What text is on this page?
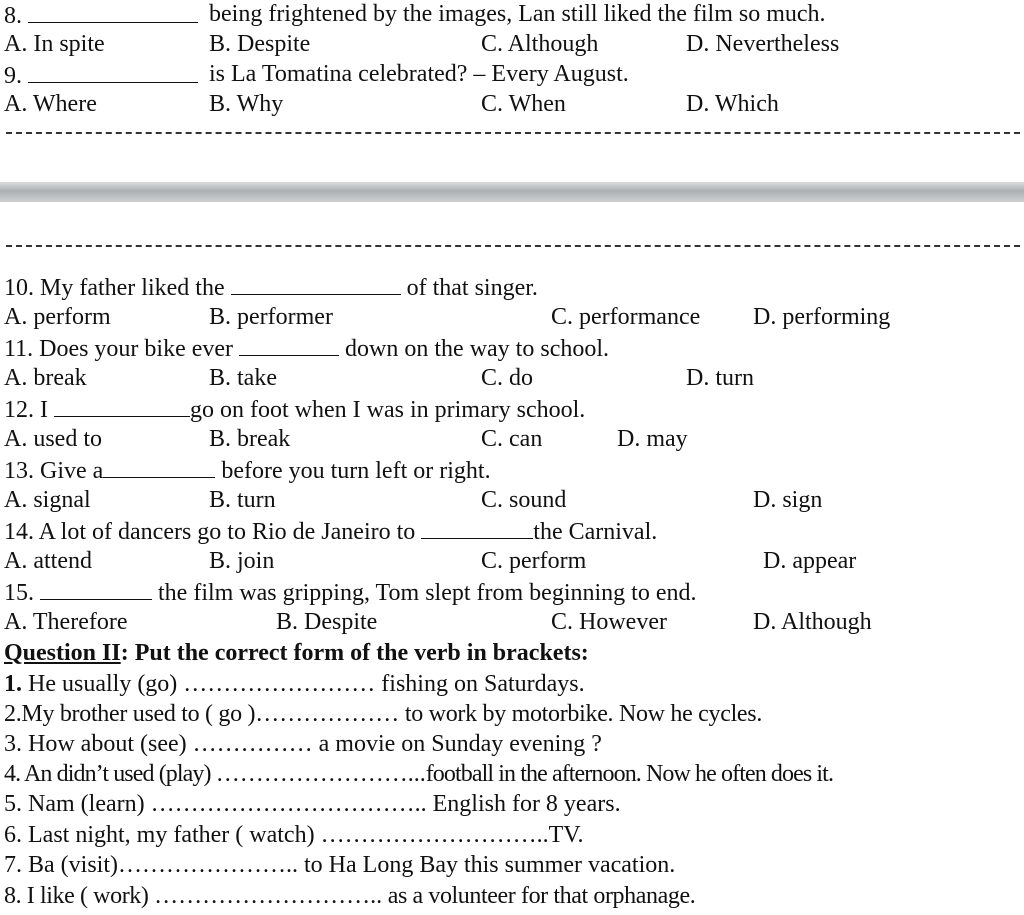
8.	being frightened by the images, Lan still liked the film so much.
A. In spite	B. Despite	C. Although	D. Nevertheless
9.	is La Tomatina celebrated? – Every August.
A. Where	B. Why	C. When	D. Which
10. My father liked the	of that singer.
A. perform	B. performer	C. performance D. performing
11. Does your bike ever	down on the way to school.
A. break	B. take	C. do	D. turn
12. I	go on foot when I was in primary school.
A. used to	B. break	C. can	D. may
13. Give a	before you turn left or right.
A. signal	B. turn	C. sound	D. sign
14. A lot of dancers go to Rio de Janeiro to	the Carnival.
A. attend	B. join	C. perform	D. appear
15.	the film was gripping, Tom slept from beginning to end.
A. Therefore	B. Despite	C. However	D. Although
Question II: Put the correct form of the verb in brackets:
1. He usually (go) …………………… fishing on Saturdays.
2.My brother used to ( go )……………… to work by motorbike. Now he cycles.
3. How about (see) …………… a movie on Sunday evening ?
4. An didn’t used (play) ……………………...football in the afternoon. Now he often does it.
5. Nam (learn) …………………………….. English for 8 years.
6. Last night, my father ( watch) ………………………..TV.
7. Ba (visit)………………….. to Ha Long Bay this summer vacation.
8. I like ( work) ……………………….. as a volunteer for that orphanage.
